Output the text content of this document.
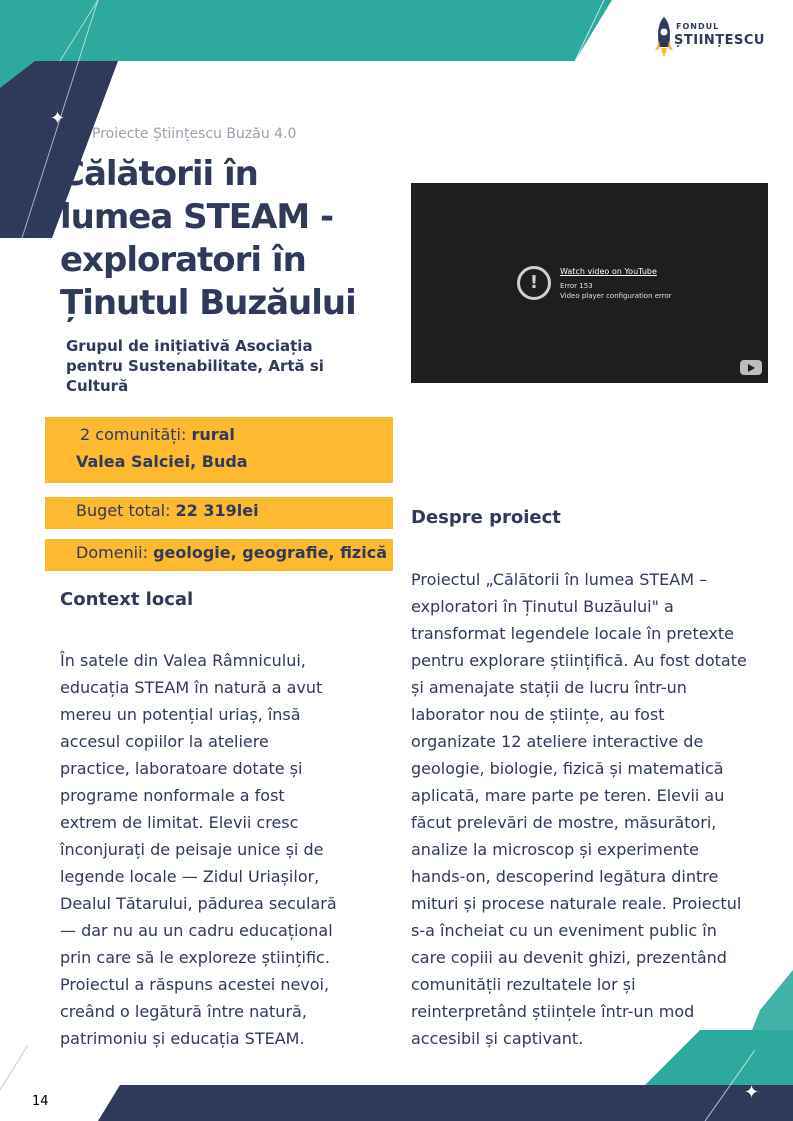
✦
✦
FONDUL
ȘTIINȚESCU
Proiecte Științescu Buzău 4.0
Călătorii în
lumea STEAM -
exploratori în
Ținutul Buzăului
Grupul de inițiativă Asociația
pentru Sustenabilitate, Artă si
Cultură
!
Watch video on YouTube
Error 153
Video player configuration error
2 comunități: rural
Valea Salciei, Buda
Buget total: 22 319lei
Domenii: geologie, geografie, fizică
Context local
În satele din Valea Râmnicului,
educația STEAM în natură a avut
mereu un potențial uriaș, însă
accesul copiilor la ateliere
practice, laboratoare dotate și
programe nonformale a fost
extrem de limitat. Elevii cresc
înconjurați de peisaje unice și de
legende locale — Zidul Uriașilor,
Dealul Tătarului, pădurea seculară
— dar nu au un cadru educațional
prin care să le exploreze științific.
Proiectul a răspuns acestei nevoi,
creând o legătură între natură,
patrimoniu și educația STEAM.
Despre proiect
Proiectul „Călătorii în lumea STEAM –
exploratori în Ținutul Buzăului" a
transformat legendele locale în pretexte
pentru explorare științifică. Au fost dotate
și amenajate stații de lucru într-un
laborator nou de științe, au fost
organizate 12 ateliere interactive de
geologie, biologie, fizică și matematică
aplicată, mare parte pe teren. Elevii au
făcut prelevări de mostre, măsurători,
analize la microscop și experimente
hands-on, descoperind legătura dintre
mituri și procese naturale reale. Proiectul
s-a încheiat cu un eveniment public în
care copiii au devenit ghizi, prezentând
comunității rezultatele lor și
reinterpretând științele într-un mod
accesibil și captivant.
14
